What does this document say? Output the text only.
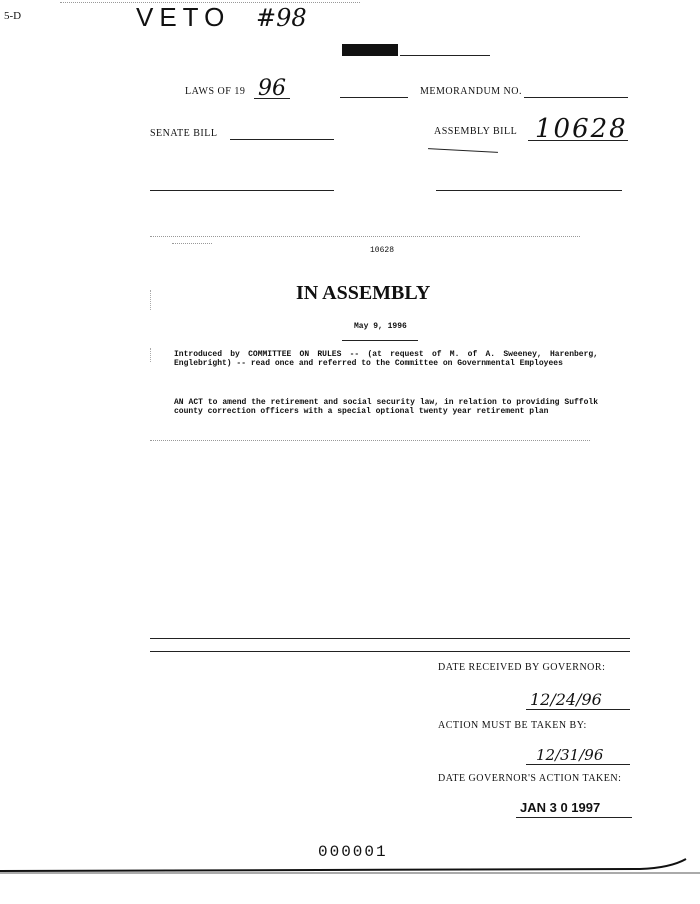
5-D	VETO #98
LAWS OF 19 96	MEMORANDUM NO.
SENATE BILL	ASSEMBLY BILL 10628
10628
IN ASSEMBLY
May 9, 1996
Introduced by COMMITTEE ON RULES -- (at request of M. of A. Sweeney, Harenberg, Englebright) -- read once and referred to the Committee on Governmental Employees
AN ACT to amend the retirement and social security law, in relation to providing Suffolk county correction officers with a special optional twenty year retirement plan
DATE RECEIVED BY GOVERNOR:
12/24/96
ACTION MUST BE TAKEN BY:
12/31/96
DATE GOVERNOR'S ACTION TAKEN:
JAN 3 0 1997
000001
